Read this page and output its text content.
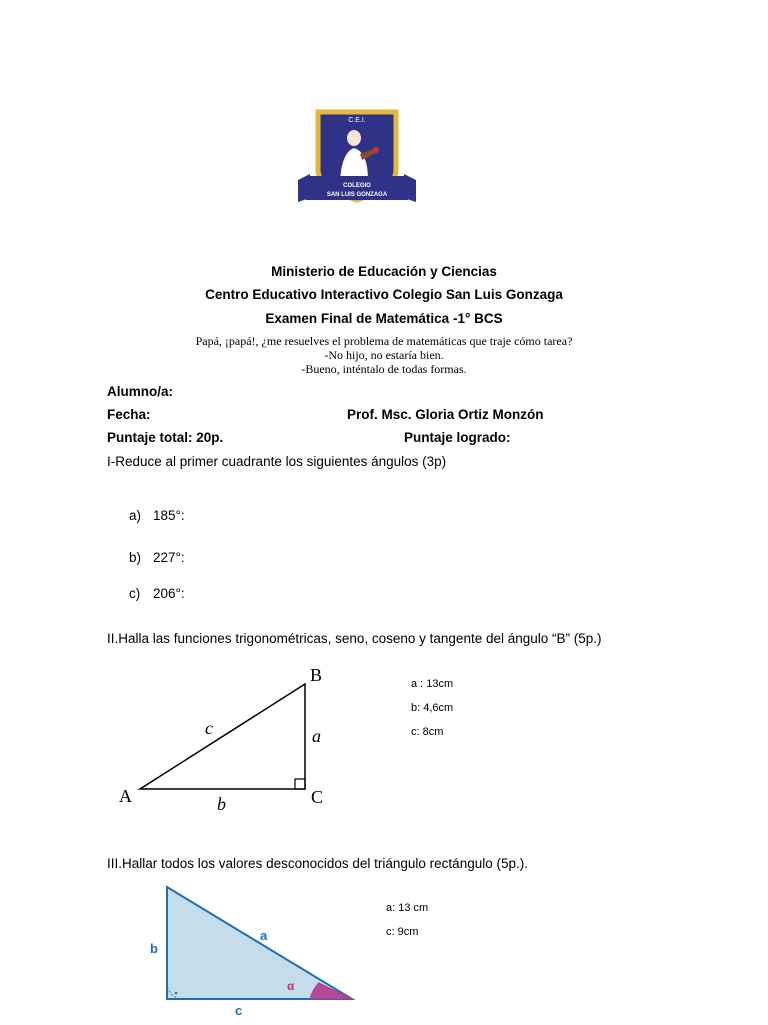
C.E.I.
COLEGIO
SAN LUIS GONZAGA
Ministerio de Educación y Ciencias
Centro Educativo Interactivo Colegio San Luis Gonzaga
Examen Final de Matemática -1° BCS
Papá, ¡papá!, ¿me resuelves el problema de matemáticas que traje cómo tarea?
-No hijo, no estaría bien.
-Bueno, inténtalo de todas formas.
Alumno/a:
Fecha:	Prof. Msc. Gloria Ortiz Monzón
Puntaje total: 20p.	Puntaje logrado:
I-Reduce al primer cuadrante los siguientes ángulos (3p)
a) 185°:
b) 227°:
c) 206°:
II.Halla las funciones trigonométricas, seno, coseno y tangente del ángulo “B” (5p.)
B
A	C
c	a
b
a : 13cm
b: 4,6cm
c: 8cm
III.Hallar todos los valores desconocidos del triángulo rectángulo (5p.).
b
a
c
α
a: 13 cm
c: 9cm
